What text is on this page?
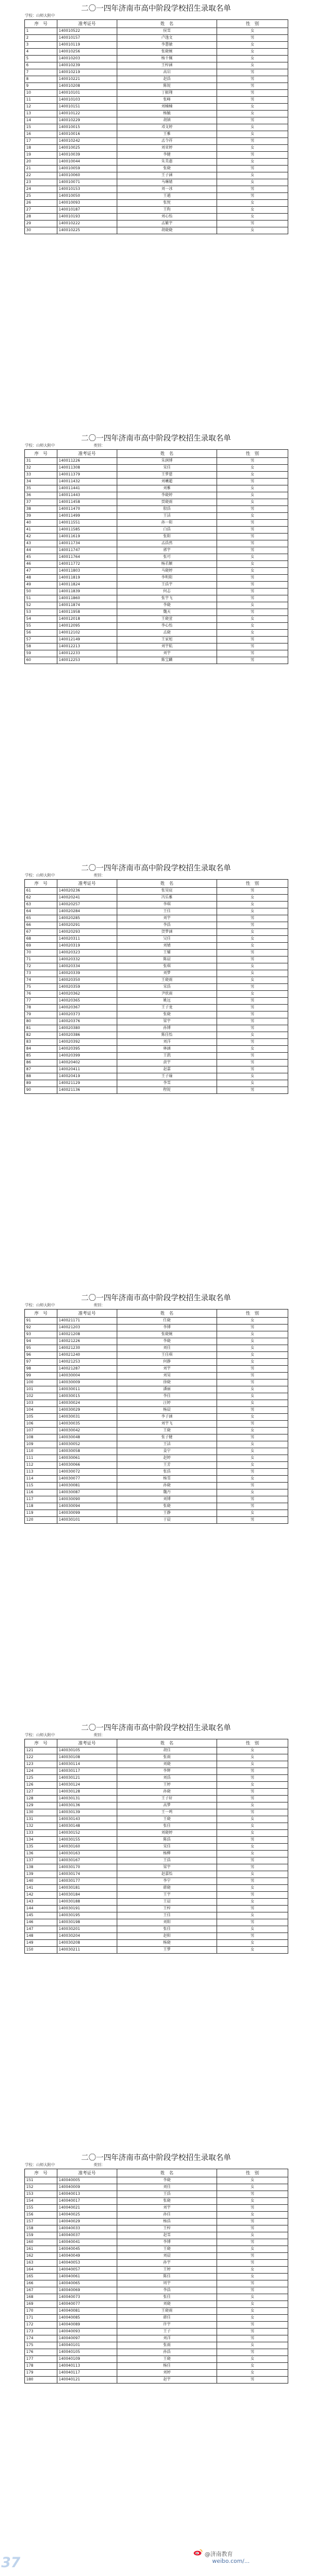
二〇一四年济南市高中阶段学校招生录取名单
学校：山师大附中
序　号	准考证号	姓　名	性　别
1	140010522	侯雪	女
2	140010157	卢逸文	男
3	140010119	李慧敏	女
4	140010256	张晓婉	女
5	140010203	杨千佩	女
6	140010239	王梓涵	女
7	140010219	高岩	男
8	140010221	赵浩	男
9	140010208	陈锐	男
10	140010101	丁振翔	男
11	140010103	张峰	男
12	140010151	刘楠楠	女
13	140010122	杨毓	女
14	140010229	胡镇	男
15	140010015	邓文婷	女
16	140010016	王雅	女
17	140010242	孟令祥	男
18	140010025	刘亚婷	女
19	140010039	李健	男
20	140010044	朱美惠	女
21	140010059	张晓	男
22	140010060	王子涵	女
23	140010071	马琳婧	女
24	140010153	刘一冰	男
25	140010050	王越	男
26	140010093	张悦	女
27	140010187	王昀	女
28	140010193	刘心怡	女
29	140010222	孟繁宇	男
30	140010225	胡晓晓	女
二〇一四年济南市高中阶段学校招生录取名单
学校：山师大附中	类别：
序　号	准考证号	姓　名	性　别
31	140011226	朱润博	男
32	140011308	宋佳	女
33	140011379	王梦慈	女
34	140011432	刘曦超	男
35	140011441	刘雅	女
36	140011443	李晓婷	女
37	140011458	贾晓雨	女
38	140011470	殷浩	男
39	140011499	王洁	女
40	140011551	孙一阳	男
41	140011585	白浩	男
42	140011619	张阳	男
43	140011734	孟浩然	男
44	140011747	郭宇	男
45	140011764	张可	女
46	140011772	杨若颖	女
47	140011803	马晓婷	女
48	140011819	李明阳	男
49	140011824	王浩宇	男
50	140011839	何志	男
51	140011860	张宇飞	男
52	140011874	李晓	女
53	140011958	魏天	男
54	140012018	王晓萱	女
55	140012095	李心怡	女
56	140012102	孟晓	女
57	140012149	王家旭	男
58	140012213	刘宇航	男
59	140012233	刘宇	男
60	140012253	陈宝麟	男
二〇一四年济南市高中阶段学校招生录取名单
学校：山师大附中	类别：
序　号	准考证号	姓　名	性　别
61	140020236	张昊宸	男
62	140020241	冯乐雅	女
63	140020257	李琪	女
64	140020284	王佳	女
65	140020285	刘宇	男
66	140020291	李浩	男
67	140020293	贺梦涵	女
68	140020311	吴佳	女
69	140020319	刘婧	女
70	140020323	王耀	男
71	140020332	陈晨	男
72	140020334	张琪	女
73	140020339	刘梦	女
74	140020350	王晓雨	女
75	140020359	宋浩	男
76	140020362	尹欣雨	女
77	140020365	姚远	男
78	140020367	王子龙	男
79	140020373	张晓	男
80	140020376	梁宇	男
81	140020380	孙博	男
82	140020386	陈佳怡	女
83	140020392	刘洋	男
84	140020395	林涵	女
85	140020399	王凯	男
86	140020402	黄宇	男
87	140020411	赵嘉	男
88	140020419	王子瑜	女
89	140021129	李雪	女
90	140021136	程锐	男
二〇一四年济南市高中阶段学校招生录取名单
学校：山师大附中	类别：
序　号	准考证号	姓　名	性　别
91	140021171	任晓	女
92	140021203	李博	男
93	140021208	张晓婉	女
94	140021226	李晓	女
95	140021230	刘佳	女
96	140021240	王佳琪	女
97	140021253	何静	女
98	140021287	刘宇	男
99	140030004	刘昊	男
100	140030009	徐晓	男
101	140030011	潘丽	女
102	140030015	李佳	女
103	140030024	汪婷	女
104	140030029	杨晨	男
105	140030031	李子涵	女
106	140030035	刘宇飞	男
107	140030042	王晓	女
108	140030048	张子健	男
109	140030052	王洁	女
110	140030058	姜宁	女
111	140030061	赵婷	女
112	140030066	王芳	女
113	140030072	张浩	男
114	140030077	杨雪	女
115	140030081	孙晓	男
116	140030087	魏丹	女
117	140030090	刘博	男
118	140030094	张晓	男
119	140030099	王静	女
120	140030101	于晨	男
二〇一四年济南市高中阶段学校招生录取名单
学校：山师大附中	类别：
序　号	准考证号	姓　名	性　别
121	140030105	胡佳	女
122	140030108	张雨	女
123	140030114	刘晓	女
124	140030117	李辉	男
125	140030121	刘浩	男
126	140030124	王婷	女
127	140030128	孙晓	男
128	140030131	王子轩	男
129	140030136	高梦	女
130	140030139	王一鸣	男
131	140030143	王晓	女
132	140030148	张佳	女
133	140030152	刘晓婷	女
134	140030155	陈浩	男
135	140030160	宋佳	女
136	140030163	杨柳	女
137	140030167	王浩	男
138	140030170	梁宇	男
139	140030174	赵嘉怡	女
140	140030177	李宁	男
141	140030181	韩晓	女
142	140030184	王宇	男
143	140030188	王晨	女
144	140030191	王梓	男
145	140030195	王佳	女
146	140030198	刘阳	男
147	140030201	张佳	女
148	140030204	赵阳	男
149	140030208	杨晓	女
150	140030211	王梦	女
二〇一四年济南市高中阶段学校招生录取名单
学校：山师大附中	类别：
序　号	准考证号	姓　名	性　别
151	140040005	李晓	女
152	140040009	刘佳	女
153	140040013	王浩	男
154	140040017	张晓	女
155	140040021	刘宇	男
156	140040025	孙佳	女
157	140040029	杨浩	男
158	140040033	王梓	男
159	140040037	赵雪	女
160	140040041	李博	男
161	140040045	王晓	女
162	140040049	刘晨	男
163	140040053	孙宇	男
164	140040057	王婷	女
165	140040061	陈佳	女
166	140040065	周宇	男
167	140040069	李浩	男
168	140040073	张佳	女
169	140040077	刘晓	女
170	140040081	王晓雨	女
171	140040085	韩佳	女
172	140040089	许宇	男
173	140040093	王子	男
174	140040097	刘洋	男
175	140040101	张雨	女
176	140040105	孙浩	男
177	140040109	王晓	女
178	140040113	杨佳	女
179	140040117	刘婷	女
180	140040121	赵宇	男
37
@济南教育
weibo.com/...
